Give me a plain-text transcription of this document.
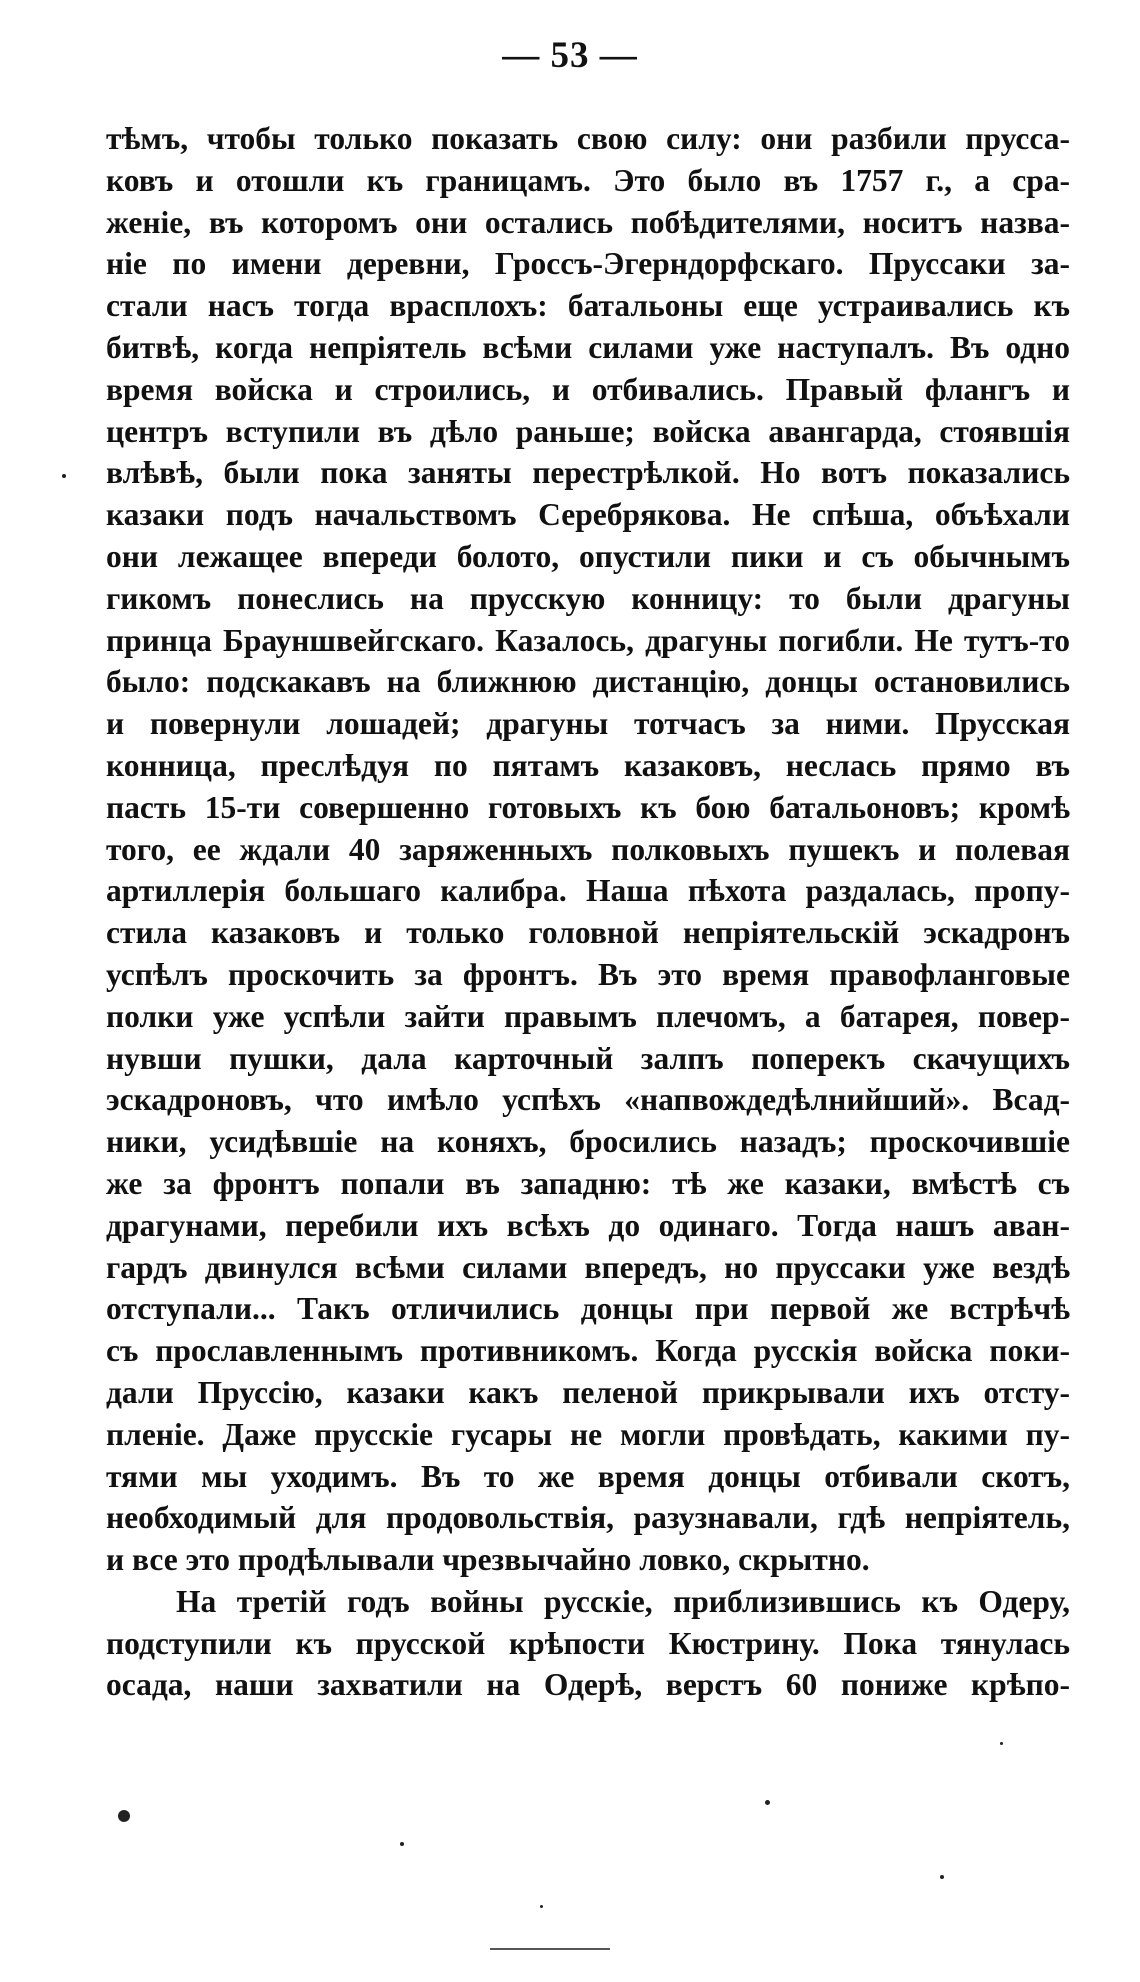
— 53 —
тѣмъ, чтобы только показать свою силу: они разбили прусса-
ковъ и отошли къ границамъ. Это было въ 1757 г., а сра-
женіе, въ которомъ они остались побѣдителями, носитъ назва-
ніе по имени деревни, Гроссъ-Эгерндорфскаго. Пруссаки за-
стали насъ тогда врасплохъ: батальоны еще устраивались къ
битвѣ, когда непріятель всѣми силами уже наступалъ. Въ одно
время войска и строились, и отбивались. Правый флангъ и
центръ вступили въ дѣло раньше; войска авангарда, стоявшія
влѣвѣ, были пока заняты перестрѣлкой. Но вотъ показались
казаки подъ начальствомъ Серебрякова. Не спѣша, объѣхали
они лежащее впереди болото, опустили пики и съ обычнымъ
гикомъ понеслись на прусскую конницу: то были драгуны
принца Брауншвейгскаго. Казалось, драгуны погибли. Не тутъ-то
было: подскакавъ на ближнюю дистанцію, донцы остановились
и повернули лошадей; драгуны тотчасъ за ними. Прусская
конница, преслѣдуя по пятамъ казаковъ, неслась прямо въ
пасть 15-ти совершенно готовыхъ къ бою батальоновъ; кромѣ
того, ее ждали 40 заряженныхъ полковыхъ пушекъ и полевая
артиллерія большаго калибра. Наша пѣхота раздалась, пропу-
стила казаковъ и только головной непріятельскій эскадронъ
успѣлъ проскочить за фронтъ. Въ это время правофланговые
полки уже успѣли зайти правымъ плечомъ, а батарея, повер-
нувши пушки, дала карточный залпъ поперекъ скачущихъ
эскадроновъ, что имѣло успѣхъ «напвождедѣлнийший». Всад-
ники, усидѣвшіе на коняхъ, бросились назадъ; проскочившіе
же за фронтъ попали въ западню: тѣ же казаки, вмѣстѣ съ
драгунами, перебили ихъ всѣхъ до одинаго. Тогда нашъ аван-
гардъ двинулся всѣми силами впередъ, но пруссаки уже вездѣ
отступали... Такъ отличились донцы при первой же встрѣчѣ
съ прославленнымъ противникомъ. Когда русскія войска поки-
дали Пруссію, казаки какъ пеленой прикрывали ихъ отсту-
пленіе. Даже прусскіе гусары не могли провѣдать, какими пу-
тями мы уходимъ. Въ то же время донцы отбивали скотъ,
необходимый для продовольствія, разузнавали, гдѣ непріятель,
и все это продѣлывали чрезвычайно ловко, скрытно.
На третій годъ войны русскіе, приблизившись къ Одеру,
подступили къ прусской крѣпости Кюстрину. Пока тянулась
осада, наши захватили на Одерѣ, верстъ 60 пониже крѣпо-
